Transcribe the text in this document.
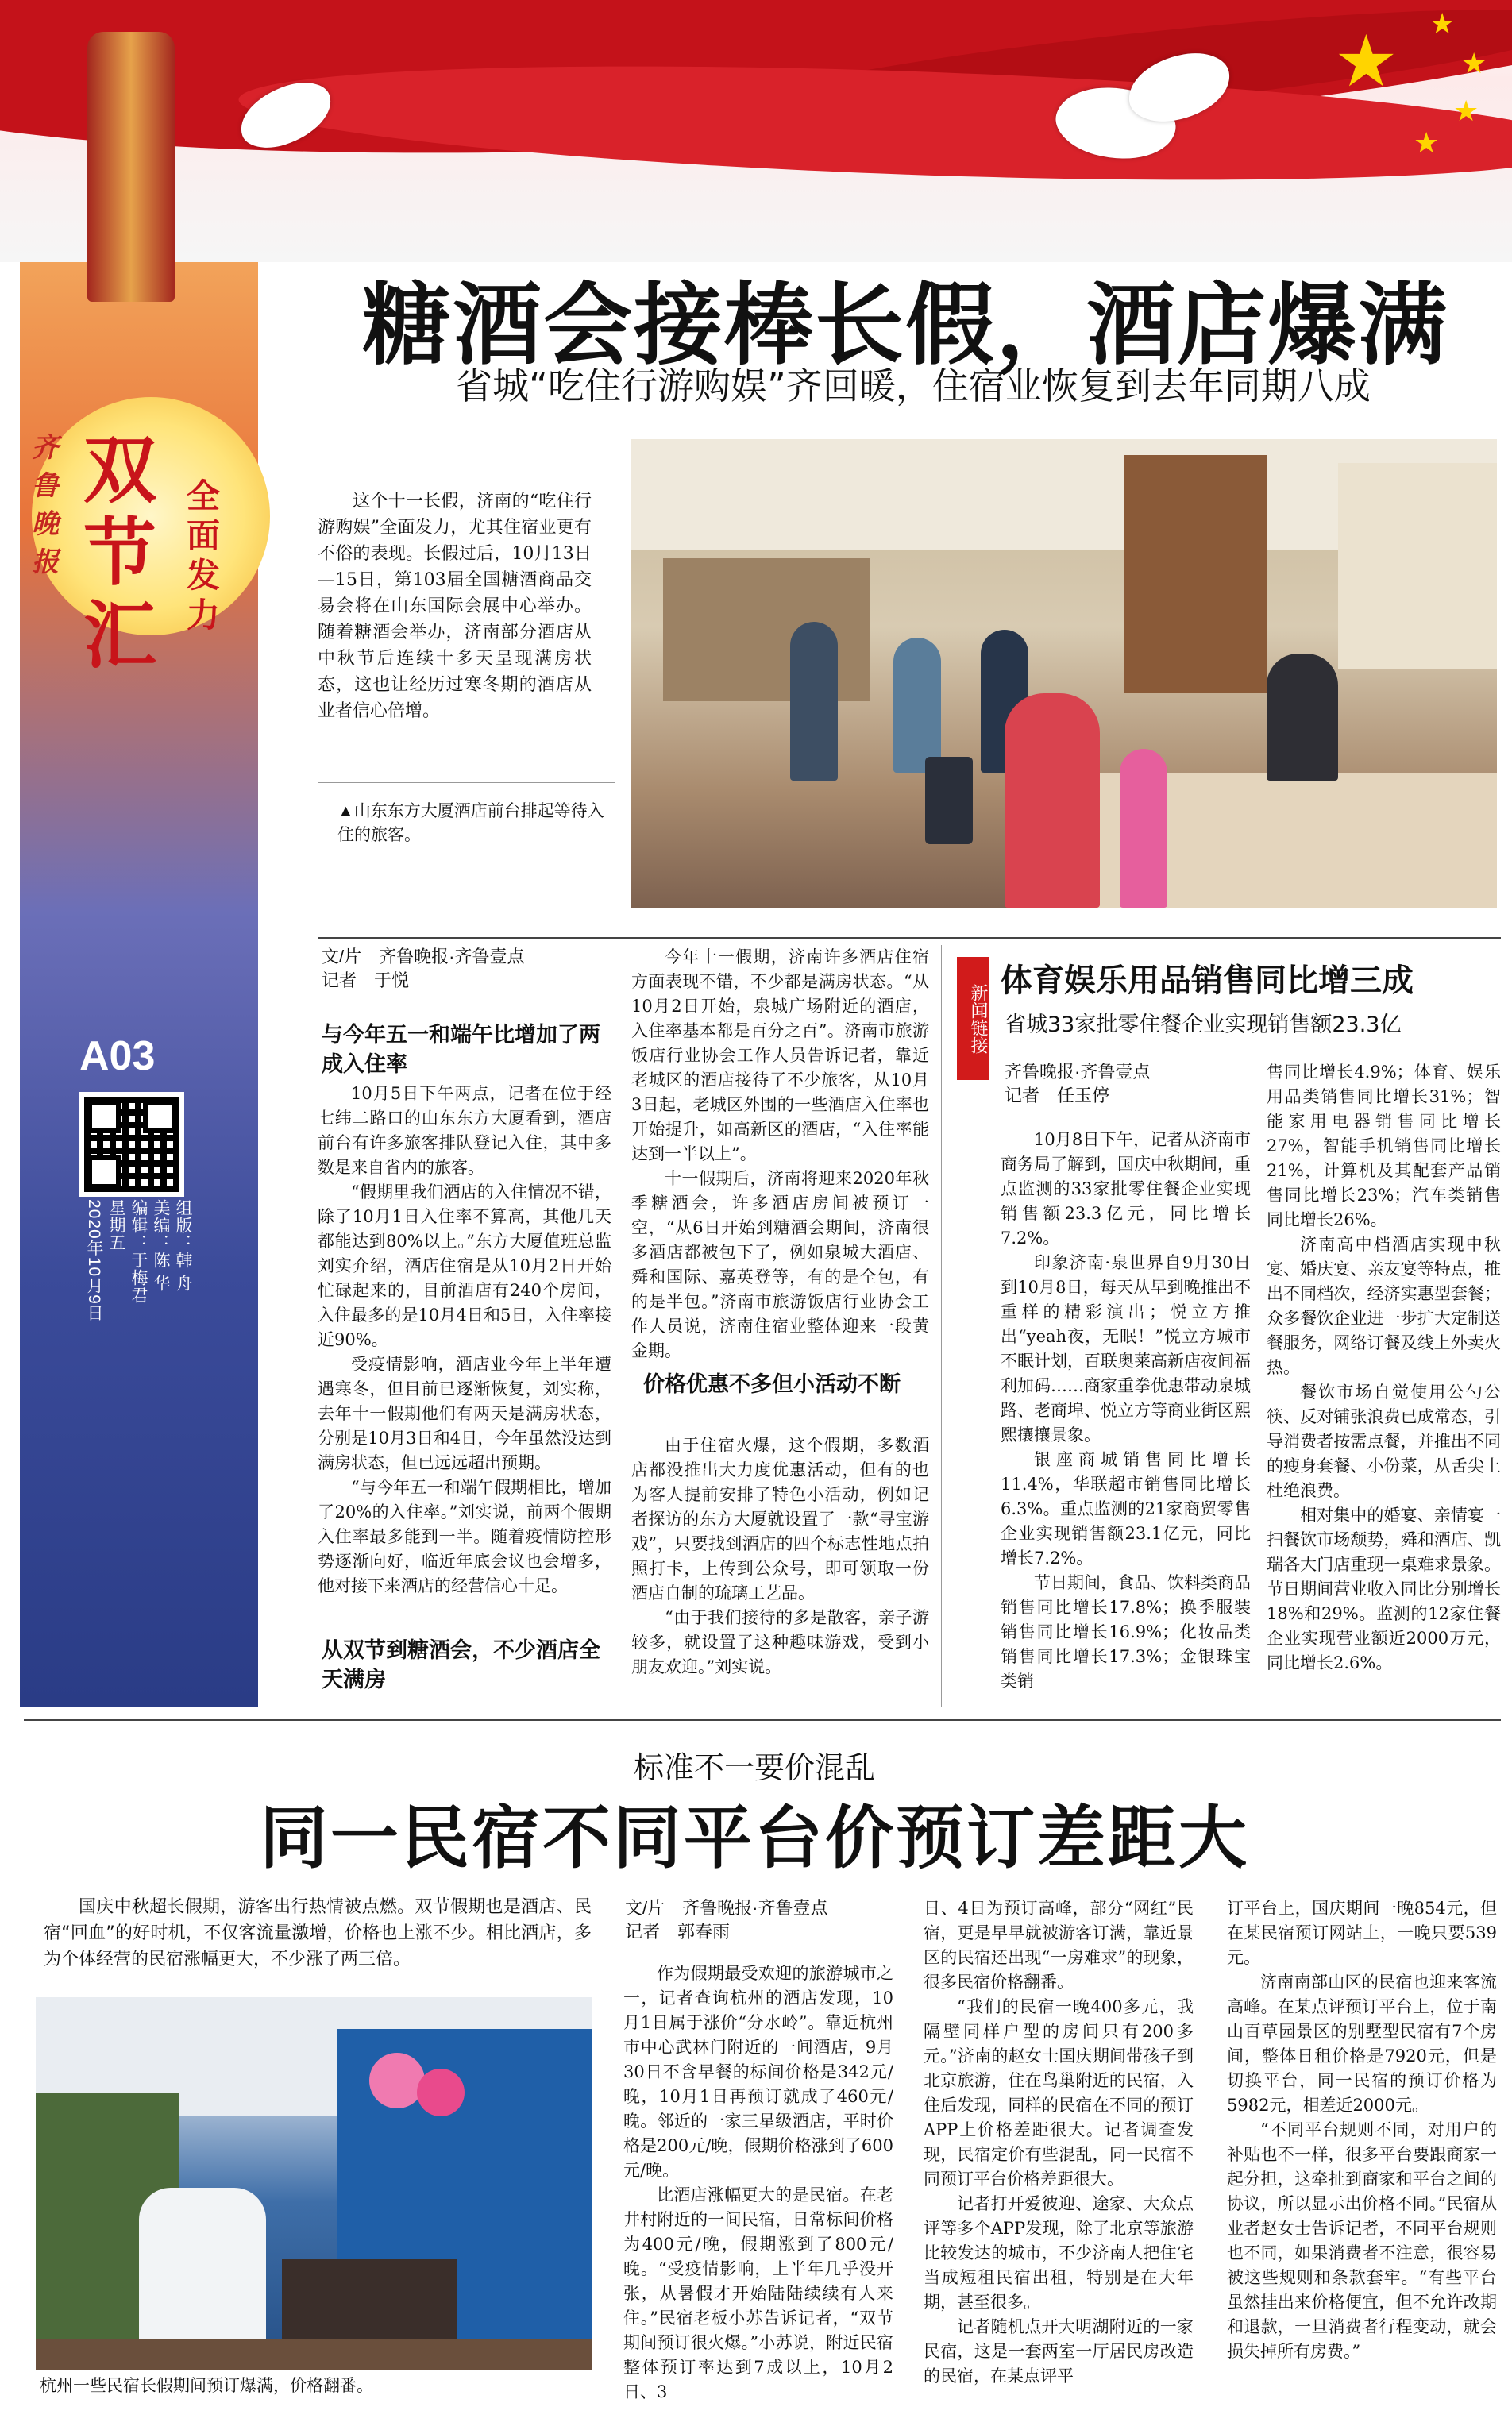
★ ★
★
★
★
齐鲁晚报
双节汇
全面发力
A03
组版：韩 舟
美编：陈 华
编辑：于梅君
星期五
2020年10月9日
糖酒会接棒长假，酒店爆满
省城“吃住行游购娱”齐回暖，住宿业恢复到去年同期八成

这个十一长假，济南的“吃住行游购娱”全面发力，尤其住宿业更有不俗的表现。长假过后，10月13日—15日，第103届全国糖酒商品交易会将在山东国际会展中心举办。随着糖酒会举办，济南部分酒店从中秋节后连续十多天呈现满房状态，这也让经历过寒冬期的酒店从业者信心倍增。

▲山东东方大厦酒店前台排起等待入住的旅客。
文/片　齐鲁晚报·齐鲁壹点
记者　于悦
与今年五一和端午比增加了两成入住率

10月5日下午两点，记者在位于经七纬二路口的山东东方大厦看到，酒店前台有许多旅客排队登记入住，其中多数是来自省内的旅客。

“假期里我们酒店的入住情况不错，除了10月1日入住率不算高，其他几天都能达到80%以上。”东方大厦值班总监刘实介绍，酒店住宿是从10月2日开始忙碌起来的，目前酒店有240个房间，入住最多的是10月4日和5日，入住率接近90%。

受疫情影响，酒店业今年上半年遭遇寒冬，但目前已逐渐恢复，刘实称，去年十一假期他们有两天是满房状态，分别是10月3日和4日，今年虽然没达到满房状态，但已远远超出预期。

“与今年五一和端午假期相比，增加了20%的入住率。”刘实说，前两个假期入住率最多能到一半。随着疫情防控形势逐渐向好，临近年底会议也会增多，他对接下来酒店的经营信心十足。

从双节到糖酒会，不少酒店全天满房

今年十一假期，济南许多酒店住宿方面表现不错，不少都是满房状态。“从10月2日开始，泉城广场附近的酒店，入住率基本都是百分之百”。济南市旅游饭店行业协会工作人员告诉记者，靠近老城区的酒店接待了不少旅客，从10月3日起，老城区外围的一些酒店入住率也开始提升，如高新区的酒店，“入住率能达到一半以上”。

十一假期后，济南将迎来2020年秋季糖酒会，许多酒店房间被预订一空，“从6日开始到糖酒会期间，济南很多酒店都被包下了，例如泉城大酒店、舜和国际、嘉英登等，有的是全包，有的是半包。”济南市旅游饭店行业协会工作人员说，济南住宿业整体迎来一段黄金期。

价格优惠不多但小活动不断

由于住宿火爆，这个假期，多数酒店都没推出大力度优惠活动，但有的也为客人提前安排了特色小活动，例如记者探访的东方大厦就设置了一款“寻宝游戏”，只要找到酒店的四个标志性地点拍照打卡，上传到公众号，即可领取一份酒店自制的琉璃工艺品。

“由于我们接待的多是散客，亲子游较多，就设置了这种趣味游戏，受到小朋友欢迎。”刘实说。

新闻链接
体育娱乐用品销售同比增三成
省城33家批零住餐企业实现销售额23.3亿
齐鲁晚报·齐鲁壹点
记者　任玉停

10月8日下午，记者从济南市商务局了解到，国庆中秋期间，重点监测的33家批零住餐企业实现销售额23.3亿元，同比增长7.2%。

印象济南·泉世界自9月30日到10月8日，每天从早到晚推出不重样的精彩演出；悦立方推出“yeah夜，无眠！”悦立方城市不眠计划，百联奥莱高新店夜间福利加码……商家重拳优惠带动泉城路、老商埠、悦立方等商业街区熙熙攘攘景象。

银座商城销售同比增长11.4%，华联超市销售同比增长6.3%。重点监测的21家商贸零售企业实现销售额23.1亿元，同比增长7.2%。

节日期间，食品、饮料类商品销售同比增长17.8%；换季服装销售同比增长16.9%；化妆品类销售同比增长17.3%；金银珠宝类销

售同比增长4.9%；体育、娱乐用品类销售同比增长31%；智能家用电器销售同比增长27%，智能手机销售同比增长21%，计算机及其配套产品销售同比增长23%；汽车类销售同比增长26%。

济南高中档酒店实现中秋宴、婚庆宴、亲友宴等特点，推出不同档次，经济实惠型套餐；众多餐饮企业进一步扩大定制送餐服务，网络订餐及线上外卖火热。

餐饮市场自觉使用公勺公筷、反对铺张浪费已成常态，引导消费者按需点餐，并推出不同的瘦身套餐、小份菜，从舌尖上杜绝浪费。

相对集中的婚宴、亲情宴一扫餐饮市场颓势，舜和酒店、凯瑞各大门店重现一桌难求景象。节日期间营业收入同比分别增长18%和29%。监测的12家住餐企业实现营业额近2000万元，同比增长2.6%。

标准不一要价混乱
同一民宿不同平台价预订差距大

国庆中秋超长假期，游客出行热情被点燃。双节假期也是酒店、民宿“回血”的好时机，不仅客流量激增，价格也上涨不少。相比酒店，多为个体经营的民宿涨幅更大，不少涨了两三倍。

杭州一些民宿长假期间预订爆满，价格翻番。
文/片　齐鲁晚报·齐鲁壹点
记者　郭春雨

作为假期最受欢迎的旅游城市之一，记者查询杭州的酒店发现，10月1日属于涨价“分水岭”。靠近杭州市中心武林门附近的一间酒店，9月30日不含早餐的标间价格是342元/晚，10月1日再预订就成了460元/晚。邻近的一家三星级酒店，平时价格是200元/晚，假期价格涨到了600元/晚。

比酒店涨幅更大的是民宿。在老井村附近的一间民宿，日常标间价格为400元/晚，假期涨到了800元/晚。“受疫情影响，上半年几乎没开张，从暑假才开始陆陆续续有人来住。”民宿老板小苏告诉记者，“双节期间预订很火爆。”小苏说，附近民宿整体预订率达到7成以上，10月2日、3

日、4日为预订高峰，部分“网红”民宿，更是早早就被游客订满，靠近景区的民宿还出现“一房难求”的现象，很多民宿价格翻番。

“我们的民宿一晚400多元，我隔壁同样户型的房间只有200多元。”济南的赵女士国庆期间带孩子到北京旅游，住在鸟巢附近的民宿，入住后发现，同样的民宿在不同的预订APP上价格差距很大。记者调查发现，民宿定价有些混乱，同一民宿不同预订平台价格差距很大。

记者打开爱彼迎、途家、大众点评等多个APP发现，除了北京等旅游比较发达的城市，不少济南人把住宅当成短租民宿出租，特别是在大年期，甚至很多。

记者随机点开大明湖附近的一家民宿，这是一套两室一厅居民房改造的民宿，在某点评平

订平台上，国庆期间一晚854元，但在某民宿预订网站上，一晚只要539元。

济南南部山区的民宿也迎来客流高峰。在某点评预订平台上，位于南山百草园景区的别墅型民宿有7个房间，整体日租价格是7920元，但是切换平台，同一民宿的预订价格为5982元，相差近2000元。

“不同平台规则不同，对用户的补贴也不一样，很多平台要跟商家一起分担，这牵扯到商家和平台之间的协议，所以显示出价格不同。”民宿从业者赵女士告诉记者，不同平台规则也不同，如果消费者不注意，很容易被这些规则和条款套牢。“有些平台虽然挂出来价格便宜，但不允许改期和退款，一旦消费者行程变动，就会损失掉所有房费。”
